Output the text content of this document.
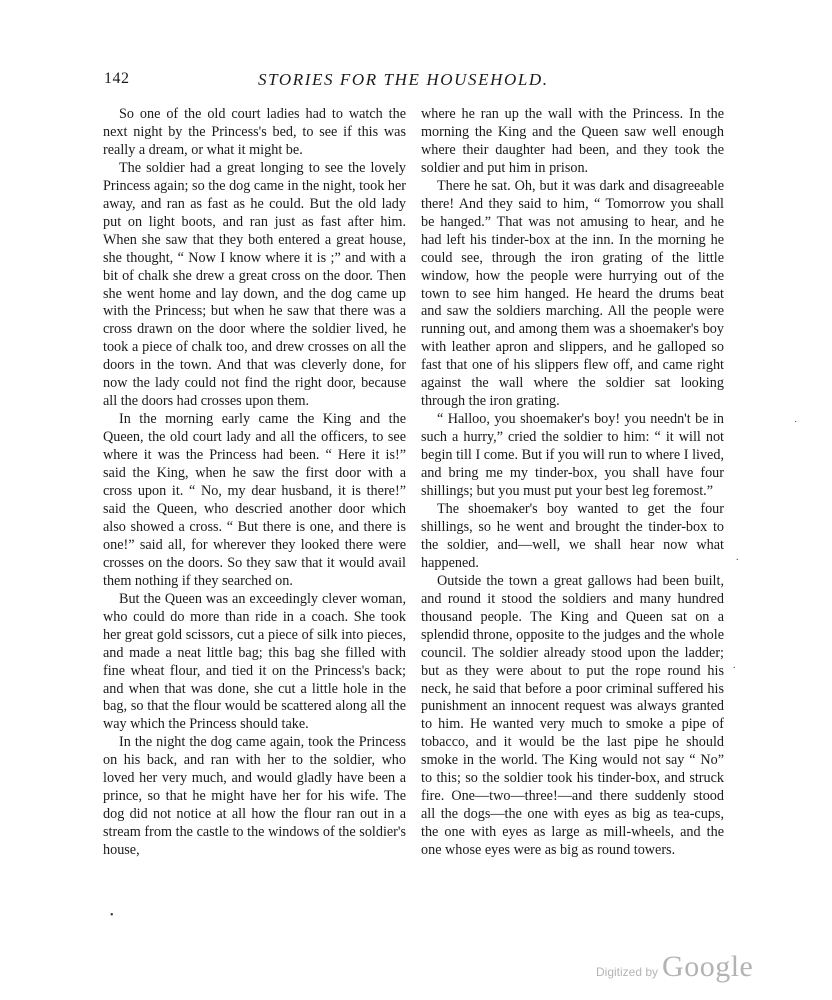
142	STORIES FOR THE HOUSEHOLD.

So one of the old court ladies had to watch the next night by the Princess's bed, to see if this was really a dream, or what it might be.

The soldier had a great longing to see the lovely Princess again; so the dog came in the night, took her away, and ran as fast as he could. But the old lady put on light boots, and ran just as fast after him. When she saw that they both entered a great house, she thought, “ Now I know where it is ;” and with a bit of chalk she drew a great cross on the door. Then she went home and lay down, and the dog came up with the Princess; but when he saw that there was a cross drawn on the door where the soldier lived, he took a piece of chalk too, and drew crosses on all the doors in the town. And that was cleverly done, for now the lady could not find the right door, because all the doors had crosses upon them.

In the morning early came the King and the Queen, the old court lady and all the officers, to see where it was the Princess had been. “ Here it is!” said the King, when he saw the first door with a cross upon it. “ No, my dear husband, it is there!” said the Queen, who descried another door which also showed a cross. “ But there is one, and there is one!” said all, for wherever they looked there were crosses on the doors. So they saw that it would avail them nothing if they searched on.

But the Queen was an exceedingly clever woman, who could do more than ride in a coach. She took her great gold scissors, cut a piece of silk into pieces, and made a neat little bag; this bag she filled with fine wheat flour, and tied it on the Princess's back; and when that was done, she cut a little hole in the bag, so that the flour would be scattered along all the way which the Princess should take.

In the night the dog came again, took the Princess on his back, and ran with her to the soldier, who loved her very much, and would gladly have been a prince, so that he might have her for his wife. The dog did not notice at all how the flour ran out in a stream from the castle to the windows of the soldier's house,

where he ran up the wall with the Princess. In the morning the King and the Queen saw well enough where their daughter had been, and they took the soldier and put him in prison.

There he sat. Oh, but it was dark and disagreeable there! And they said to him, “ Tomorrow you shall be hanged.” That was not amusing to hear, and he had left his tinder-box at the inn. In the morning he could see, through the iron grating of the little window, how the people were hurrying out of the town to see him hanged. He heard the drums beat and saw the soldiers marching. All the people were running out, and among them was a shoemaker's boy with leather apron and slippers, and he galloped so fast that one of his slippers flew off, and came right against the wall where the soldier sat looking through the iron grating.

“ Halloo, you shoemaker's boy! you needn't be in such a hurry,” cried the soldier to him: “ it will not begin till I come. But if you will run to where I lived, and bring me my tinder-box, you shall have four shillings; but you must put your best leg foremost.”

The shoemaker's boy wanted to get the four shillings, so he went and brought the tinder-box to the soldier, and—well, we shall hear now what happened.

Outside the town a great gallows had been built, and round it stood the soldiers and many hundred thousand people. The King and Queen sat on a splendid throne, opposite to the judges and the whole council. The soldier already stood upon the ladder; but as they were about to put the rope round his neck, he said that before a poor criminal suffered his punishment an innocent request was always granted to him. He wanted very much to smoke a pipe of tobacco, and it would be the last pipe he should smoke in the world. The King would not say “ No” to this; so the soldier took his tinder-box, and struck fire. One—two—three!—and there suddenly stood all the dogs—the one with eyes as big as tea-cups, the one with eyes as large as mill-wheels, and the one whose eyes were as big as round towers.

˙
.
.
•
Digitized by Google
